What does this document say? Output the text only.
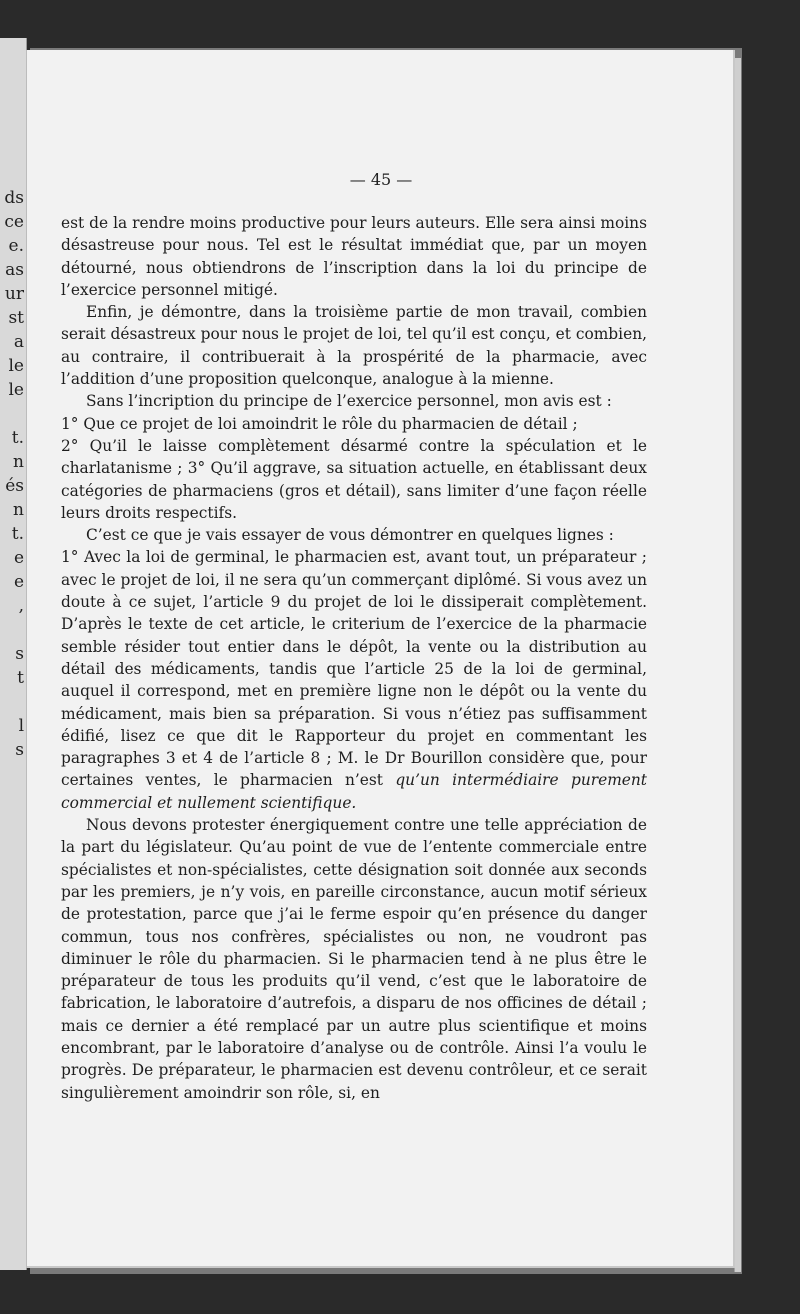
ds
ce
e.
as
ur
st
a
le
le
t.
n
és
n
t.
e
e
,
s
t
l
s
— 45 —

est de la rendre moins productive pour leurs auteurs. Elle sera ainsi moins désastreuse pour nous. Tel est le résultat immédiat que, par un moyen détourné, nous obtiendrons de l’inscription dans la loi du principe de l’exercice personnel mitigé.

Enfin, je démontre, dans la troisième partie de mon travail, combien serait désastreux pour nous le projet de loi, tel qu’il est conçu, et combien, au contraire, il contribuerait à la prospérité de la pharmacie, avec l’addition d’une proposition quelconque, analogue à la mienne.

Sans l’incription du principe de l’exercice personnel, mon avis est :

1° Que ce projet de loi amoindrit le rôle du pharmacien de détail ;

2° Qu’il le laisse complètement désarmé contre la spéculation et le charlatanisme ; 3° Qu’il aggrave, sa situation actuelle, en établissant deux catégories de pharmaciens (gros et détail), sans limiter d’une façon réelle leurs droits respectifs.

C’est ce que je vais essayer de vous démontrer en quelques lignes :

1° Avec la loi de germinal, le pharmacien est, avant tout, un préparateur ; avec le projet de loi, il ne sera qu’un commerçant diplômé. Si vous avez un doute à ce sujet, l’article 9 du projet de loi le dissiperait complètement. D’après le texte de cet article, le criterium de l’exercice de la pharmacie semble résider tout entier dans le dépôt, la vente ou la distribution au détail des médicaments, tandis que l’article 25 de la loi de germinal, auquel il correspond, met en première ligne non le dépôt ou la vente du médicament, mais bien sa préparation. Si vous n’étiez pas suffisamment édifié, lisez ce que dit le Rapporteur du projet en commentant les paragraphes 3 et 4 de l’article 8 ; M. le Dr Bourillon considère que, pour certaines ventes, le pharmacien n’est qu’un intermédiaire purement commercial et nullement scientifique.

Nous devons protester énergiquement contre une telle appréciation de la part du législateur. Qu’au point de vue de l’entente commerciale entre spécialistes et non-spécialistes, cette désignation soit donnée aux seconds par les premiers, je n’y vois, en pareille circonstance, aucun motif sérieux de protestation, parce que j’ai le ferme espoir qu’en présence du danger commun, tous nos confrères, spécialistes ou non, ne voudront pas diminuer le rôle du pharmacien. Si le pharmacien tend à ne plus être le préparateur de tous les produits qu’il vend, c’est que le laboratoire de fabrication, le laboratoire d’autrefois, a disparu de nos officines de détail ; mais ce dernier a été remplacé par un autre plus scientifique et moins encombrant, par le laboratoire d’analyse ou de contrôle. Ainsi l’a voulu le progrès. De préparateur, le pharmacien est devenu contrôleur, et ce serait singulièrement amoindrir son rôle, si, en
